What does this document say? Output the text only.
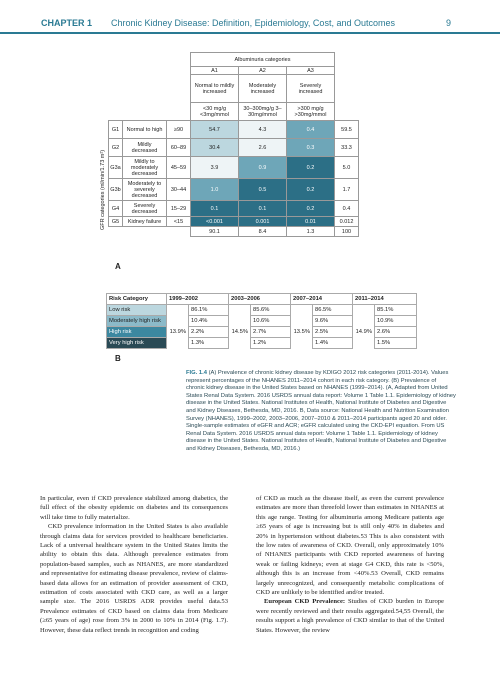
CHAPTER 1 Chronic Kidney Disease: Definition, Epidemiology, Cost, and Outcomes	9
GFR categories (ml/min/1.73 m²)
			Albuminuria categories			
			A1	A2	A3	
			Normal to mildly increased	Moderately increased	Severely increased	
			<30 mg/g <3mg/mmol	30–300mg/g 3–30mg/mmol	>300 mg/g >30mg/mmol	
G1	Normal to high	≥90	54.7	4.3	0.4	59.5
G2	Mildly decreased	60–89	30.4	2.6	0.3	33.3
G3a	Mildly to moderately decreased	45–59	3.9	0.9	0.2	5.0
G3b	Moderately to severely decreased	30–44	1.0	0.5	0.2	1.7
G4	Severely decreased	15–29	0.1	0.1	0.2	0.4
G5	Kidney failure	<15	<0.001	0.001	0.01	0.012
			90.1	8.4	1.3	100
A
Risk Category	1999–2002		2003–2006		2007–2014		2011–2014	
Low risk		86.1%		85.6%		86.5%		85.1%
Moderately high risk	13.9%	10.4%	14.5%	10.6%	13.5%	9.6%	14.9%	10.9%
High risk		2.2%		2.7%		2.5%		2.6%
Very high risk		1.3%		1.2%		1.4%		1.5%
B
FIG. 1.4 (A) Prevalence of chronic kidney disease by KDIGO 2012 risk categories (2011-2014). Values represent percentages of the NHANES 2011–2014 cohort in each risk category. (B) Prevalence of chronic kidney disease in the United States based on NHANES (1999–2014). (A, Adapted from United States Renal Data System. 2016 USRDS annual data report: Volume 1 Table 1.1. Epidemiology of kidney disease in the United States. National Institutes of Health, National Institute of Diabetes and Digestive and Kidney Diseases, Bethesda, MD, 2016. B, Data source: National Health and Nutrition Examination Survey (NHANES), 1999–2002, 2003–2006, 2007–2010 & 2011–2014 participants aged 20 and older. Single-sample estimates of eGFR and ACR; eGFR calculated using the CKD-EPI equation. From US Renal Data System. 2016 USRDS annual data report: Volume 1 Table 1.1. Epidemiology of kidney disease in the United States. National Institutes of Health, National Institute of Diabetes and Digestive and Kidney Diseases, Bethesda, MD, 2016.)

In particular, even if CKD prevalence stabilized among diabetics, the full effect of the obesity epidemic on diabetes and its consequences will take time to fully materialize.

CKD prevalence information in the United States is also available through claims data for services provided to healthcare beneficiaries. Lack of a universal healthcare system in the United States limits the ability to obtain this data. Although prevalence estimates from population-based samples, such as NHANES, are more standardized and representative for estimating disease prevalence, review of claims-based data allows for an estimation of provider assessment of CKD, estimation of costs associated with CKD care, as well as a larger sample size. The 2016 USRDS ADR provides useful data.53 Prevalence estimates of CKD based on claims data from Medicare (≥65 years of age) rose from 3% in 2000 to 10% in 2014 (Fig. 1.7). However, these data reflect trends in recognition and coding

of CKD as much as the disease itself, as even the current prevalence estimates are more than threefold lower than estimates in NHANES at this age range. Testing for albuminuria among Medicare patients age ≥65 years of age is increasing but is still only 40% in diabetes and 20% in hypertension without diabetes.53 This is also consistent with the low rates of awareness of CKD. Overall, only approximately 10% of NHANES participants with CKD reported awareness of having weak or failing kidneys; even at stage G4 CKD, this rate is <50%, although this is an increase from <40%.53 Overall, CKD remains largely unrecognized, and consequently metabolic complications of CKD are unlikely to be identified and/or treated.

European CKD Prevalence: Studies of CKD burden in Europe were recently reviewed and their results aggregated.54,55 Overall, the results support a high prevalence of CKD similar to that of the United States. However, the review
